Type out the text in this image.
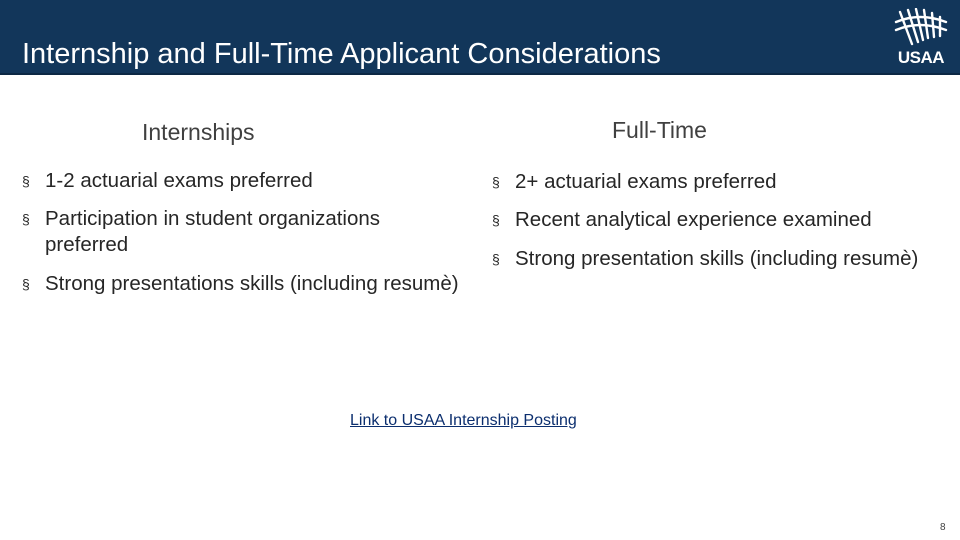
Internship and Full-Time Applicant Considerations	USAA
Internships	Full-Time
§ 1-2 actuarial exams preferred
§ Participation in student organizations preferred
§ Strong presentations skills (including resumè)
§ 2+ actuarial exams preferred
§ Recent analytical experience examined
§ Strong presentation skills (including resumè)
Link to USAA Internship Posting
8
